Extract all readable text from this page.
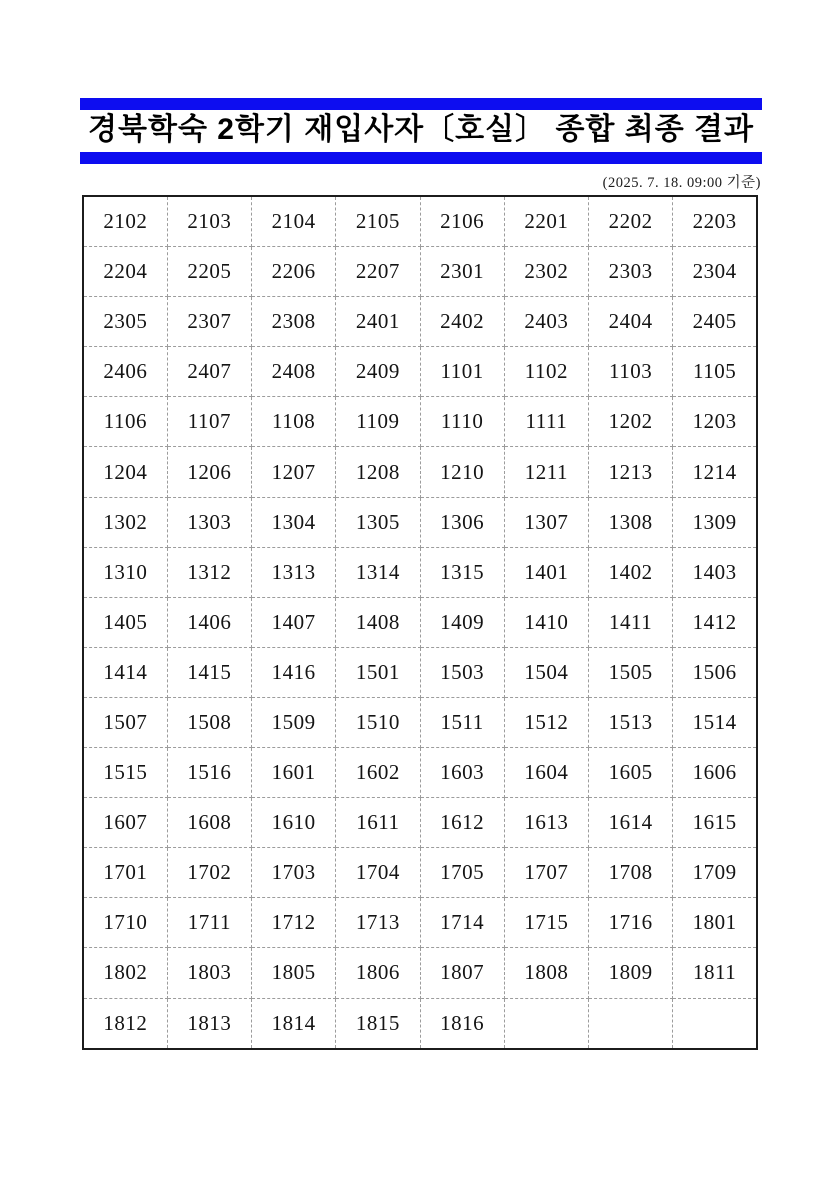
경북학숙 2학기 재입사자〔호실〕 종합 최종 결과
(2025. 7. 18. 09:00 기준)
2102	2103	2104	2105	2106	2201	2202	2203
2204	2205	2206	2207	2301	2302	2303	2304
2305	2307	2308	2401	2402	2403	2404	2405
2406	2407	2408	2409	1101	1102	1103	1105
1106	1107	1108	1109	1110	1111	1202	1203
1204	1206	1207	1208	1210	1211	1213	1214
1302	1303	1304	1305	1306	1307	1308	1309
1310	1312	1313	1314	1315	1401	1402	1403
1405	1406	1407	1408	1409	1410	1411	1412
1414	1415	1416	1501	1503	1504	1505	1506
1507	1508	1509	1510	1511	1512	1513	1514
1515	1516	1601	1602	1603	1604	1605	1606
1607	1608	1610	1611	1612	1613	1614	1615
1701	1702	1703	1704	1705	1707	1708	1709
1710	1711	1712	1713	1714	1715	1716	1801
1802	1803	1805	1806	1807	1808	1809	1811
1812	1813	1814	1815	1816			
